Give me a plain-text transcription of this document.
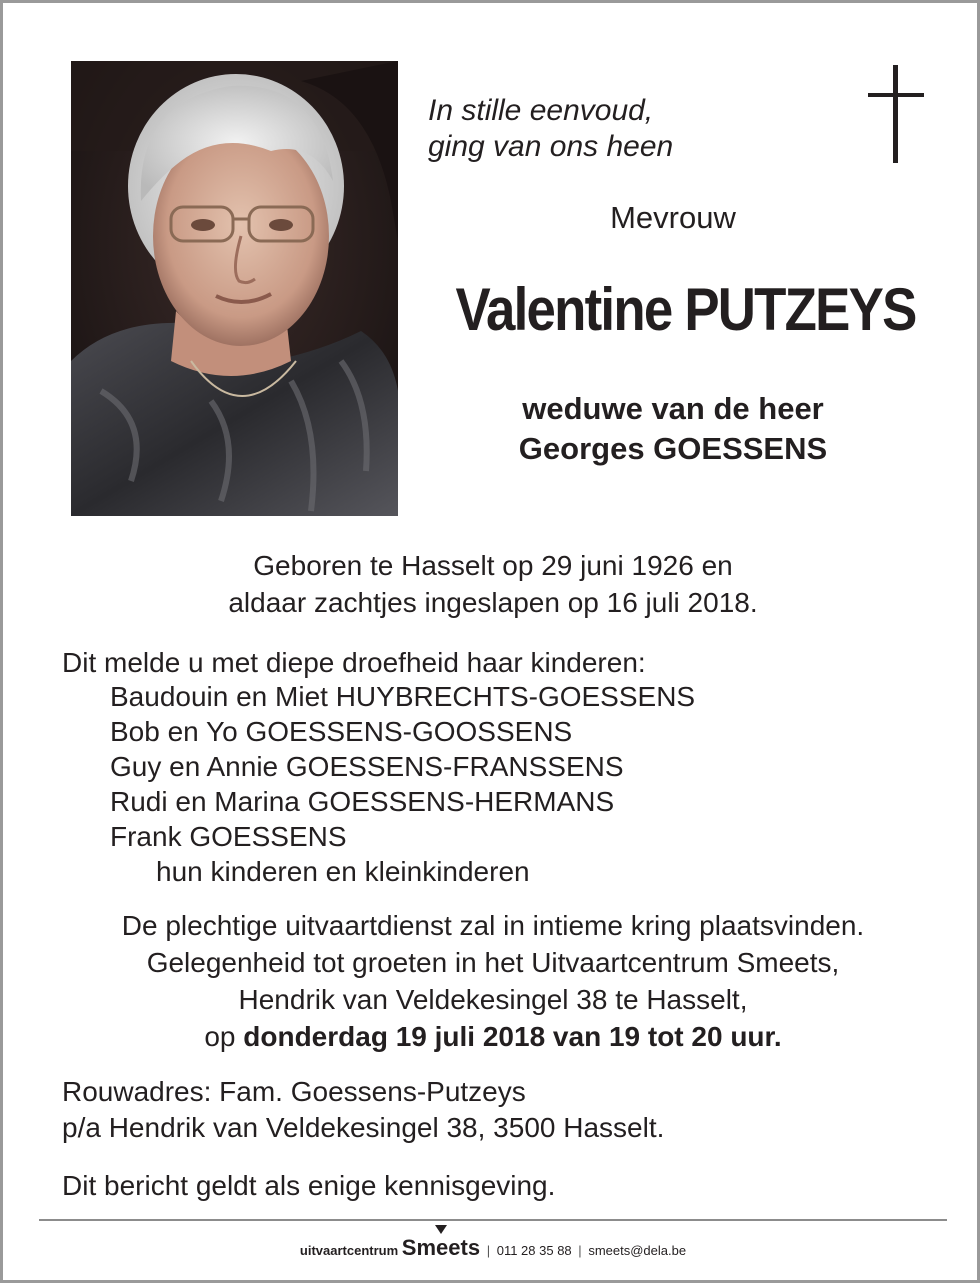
In stille eenvoud,
ging van ons heen
Mevrouw
Valentine PUTZEYS
weduwe van de heer
Georges GOESSENS
Geboren te Hasselt op 29 juni 1926 en
aldaar zachtjes ingeslapen op 16 juli 2018.
Dit melde u met diepe droefheid haar kinderen:
Baudouin en Miet HUYBRECHTS-GOESSENS
Bob en Yo GOESSENS-GOOSSENS
Guy en Annie GOESSENS-FRANSSENS
Rudi en Marina GOESSENS-HERMANS
Frank GOESSENS
hun kinderen en kleinkinderen
De plechtige uitvaartdienst zal in intieme kring plaatsvinden.
Gelegenheid tot groeten in het Uitvaartcentrum Smeets,
Hendrik van Veldekesingel 38 te Hasselt,
op donderdag 19 juli 2018 van 19 tot 20 uur.
Rouwadres: Fam. Goessens-Putzeys
p/a Hendrik van Veldekesingel 38, 3500 Hasselt.
Dit bericht geldt als enige kennisgeving.
uitvaartcentrum Smeets | 011 28 35 88 | smeets@dela.be
